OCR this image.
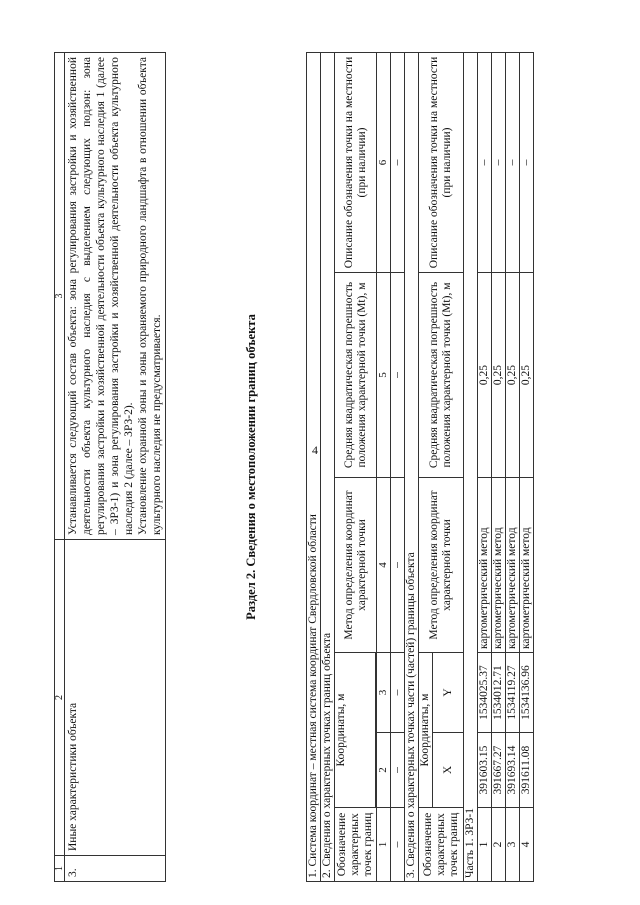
4
1	2	3
3.	Иные характеристики объекта	Устанавливается следующий состав объекта: зона регулирования застройки и хозяйственной деятельности объекта культурного наследия с выделением следующих подзон: зона регулирования застройки и хозяйственной деятельности объекта культурного наследия 1 (далее – ЗРЗ-1) и зона регулирования застройки и хозяйственной деятельности объекта культурного наследия 2 (далее – ЗРЗ-2). Установление охранной зоны и зоны охраняемого природного ландшафта в отношении объекта культурного наследия не предусматривается.	Раздел 2. Сведения о местоположении границ объекта
1. Система координат – местная система координат Свердловской области					
2. Сведения о характерных точках границ объекта					
Обозначение характерных точек границ	Координаты, м		Метод определения координат характерной точки	Средняя квадратическая погрешность положения характерной точки (Mt), м	Описание обозначения точки на местности (при наличии)

1	2	3	4	5	6
–	–	–	–	–	–
3. Сведения о характерных точках части (частей) границы объекта					
Обозначение характерных точек границ	Координаты, м		Метод определения координат характерной точки	Средняя квадратическая погрешность положения характерной точки (Mt), м	Описание обозначения точки на местности (при наличии)
	X	Y			
Часть 1. ЗРЗ-1					
1	391603.15	1534025.37	картометрический метод	0,25	–
2	391667.27	1534012.71	картометрический метод	0,25	–
3	391693.14	1534119.27	картометрический метод	0,25	–
4	391611.08	1534136.96	картометрический метод	0,25	–
